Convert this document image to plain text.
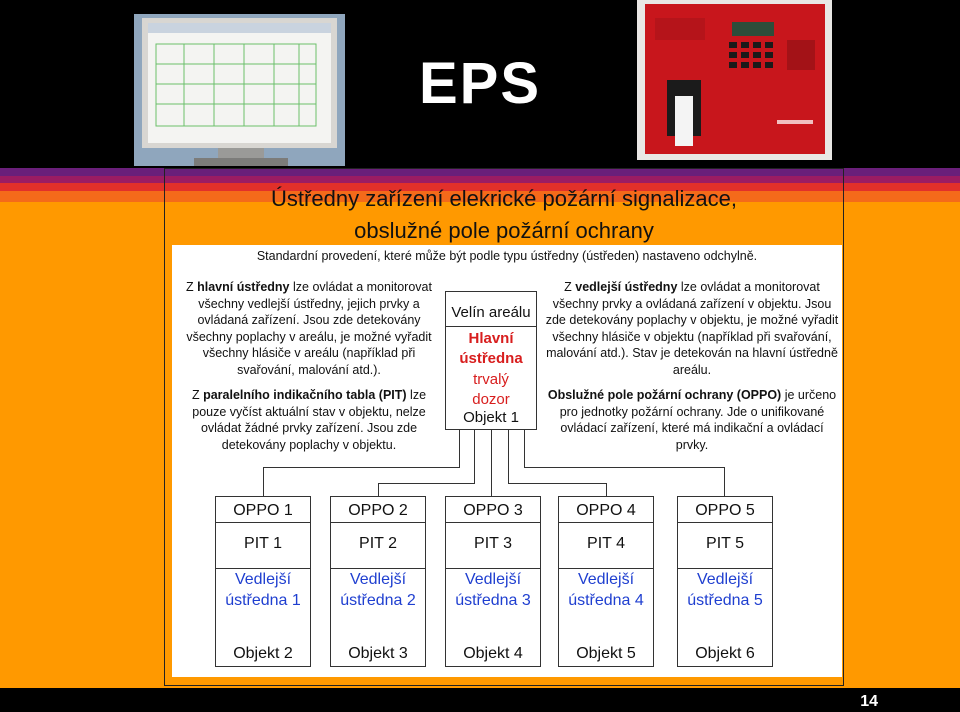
EPS
Ústředny zařízení elekrické požární signalizace,
obslužné pole požární ochrany
Standardní provedení, které může být podle typu ústředny (ústředen) nastaveno odchylně.
Z hlavní ústředny lze ovládat a monitorovat všechny vedlejší ústředny, jejich prvky a ovládaná zařízení. Jsou zde detekovány všechny poplachy v areálu, je možné vyřadit všechny hlásiče v areálu (například při svařování, malování atd.).
Z paralelního indikačního tabla (PIT) lze pouze vyčíst aktuální stav v objektu, nelze ovládat žádné prvky zařízení. Jsou zde detekovány poplachy v objektu.
Z vedlejší ústředny lze ovládat a monitorovat všechny prvky a ovládaná zařízení v objektu. Jsou zde detekovány poplachy v objektu, je možné vyřadit všechny hlásiče v objektu (například při svařování, malování atd.). Stav je detekován na hlavní ústředně areálu.
Obslužné pole požární ochrany (OPPO) je určeno pro jednotky požární ochrany. Jde o unifikované ovládací zařízení, které má indikační a ovládací prvky.
Velín areálu
Hlavní
ústředna
trvalý
dozor
Objekt 1
OPPO 1
PIT 1
Vedlejší
ústředna 1
Objekt 2
OPPO 2
PIT 2
Vedlejší
ústředna 2
Objekt 3
OPPO 3
PIT 3
Vedlejší
ústředna 3
Objekt 4
OPPO 4
PIT 4
Vedlejší
ústředna 4
Objekt 5
OPPO 5
PIT 5
Vedlejší
ústředna 5
Objekt 6
14
